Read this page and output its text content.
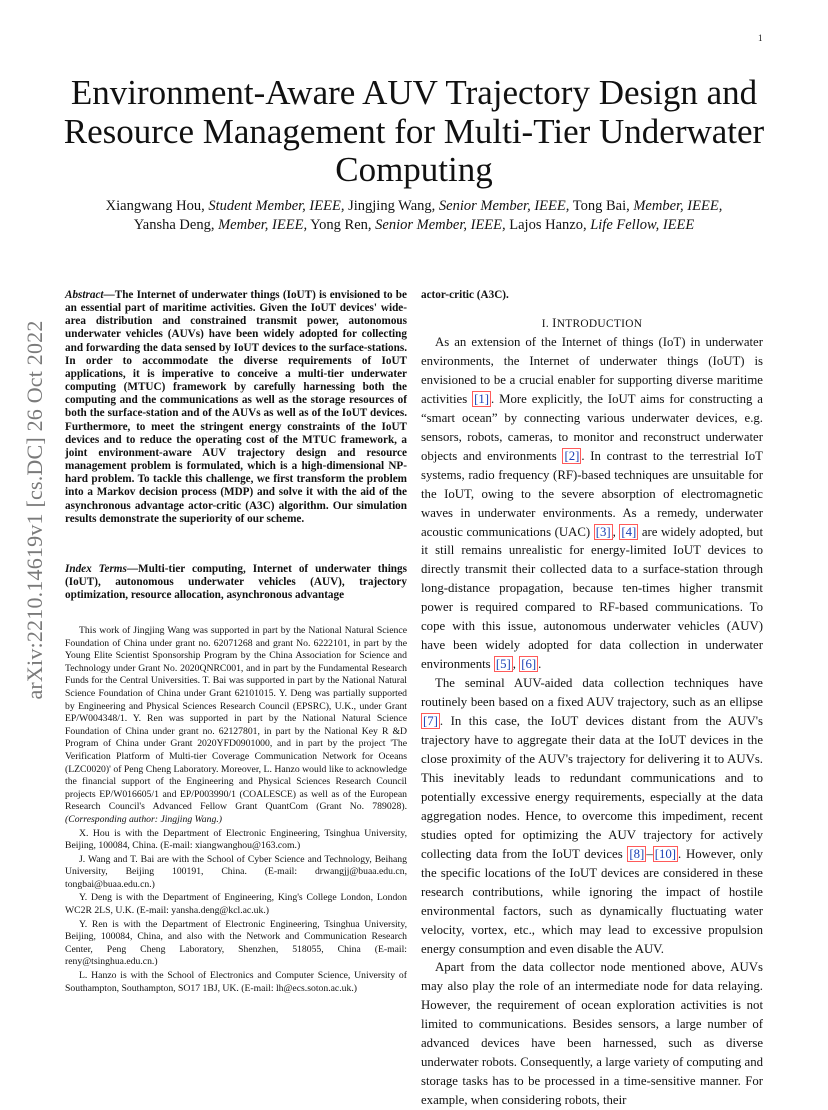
1
arXiv:2210.14619v1 [cs.DC] 26 Oct 2022
Environment-Aware AUV Trajectory Design and Resource Management for Multi-Tier Underwater Computing
Xiangwang Hou, Student Member, IEEE, Jingjing Wang, Senior Member, IEEE, Tong Bai, Member, IEEE,
Yansha Deng, Member, IEEE, Yong Ren, Senior Member, IEEE, Lajos Hanzo, Life Fellow, IEEE
Abstract—The Internet of underwater things (IoUT) is envisioned to be an essential part of maritime activities. Given the IoUT devices' wide-area distribution and constrained transmit power, autonomous underwater vehicles (AUVs) have been widely adopted for collecting and forwarding the data sensed by IoUT devices to the surface-stations. In order to accommodate the diverse requirements of IoUT applications, it is imperative to conceive a multi-tier underwater computing (MTUC) framework by carefully harnessing both the computing and the communications as well as the storage resources of both the surface-station and of the AUVs as well as of the IoUT devices. Furthermore, to meet the stringent energy constraints of the IoUT devices and to reduce the operating cost of the MTUC framework, a joint environment-aware AUV trajectory design and resource management problem is formulated, which is a high-dimensional NP-hard problem. To tackle this challenge, we first transform the problem into a Markov decision process (MDP) and solve it with the aid of the asynchronous advantage actor-critic (A3C) algorithm. Our simulation results demonstrate the superiority of our scheme.
Index Terms—Multi-tier computing, Internet of underwater things (IoUT), autonomous underwater vehicles (AUV), trajectory optimization, resource allocation, asynchronous advantage

This work of Jingjing Wang was supported in part by the National Natural Science Foundation of China under grant no. 62071268 and grant No. 6222101, in part by the Young Elite Scientist Sponsorship Program by the China Association for Science and Technology under Grant No. 2020QNRC001, and in part by the Fundamental Research Funds for the Central Universities. T. Bai was supported in part by the National Natural Science Foundation of China under Grant 62101015. Y. Deng was partially supported by Engineering and Physical Sciences Research Council (EPSRC), U.K., under Grant EP/W004348/1. Y. Ren was supported in part by the National Natural Science Foundation of China under grant no. 62127801, in part by the National Key R &D Program of China under Grant 2020YFD0901000, and in part by the project 'The Verification Platform of Multi-tier Coverage Communication Network for Oceans (LZC0020)' of Peng Cheng Laboratory. Moreover, L. Hanzo would like to acknowledge the financial support of the Engineering and Physical Sciences Research Council projects EP/W016605/1 and EP/P003990/1 (COALESCE) as well as of the European Research Council's Advanced Fellow Grant QuantCom (Grant No. 789028). (Corresponding author: Jingjing Wang.)

X. Hou is with the Department of Electronic Engineering, Tsinghua University, Beijing, 100084, China. (E-mail: xiangwanghou@163.com.)

J. Wang and T. Bai are with the School of Cyber Science and Technology, Beihang University, Beijing 100191, China. (E-mail: drwangjj@buaa.edu.cn, tongbai@buaa.edu.cn.)

Y. Deng is with the Department of Engineering, King's College London, London WC2R 2LS, U.K. (E-mail: yansha.deng@kcl.ac.uk.)

Y. Ren is with the Department of Electronic Engineering, Tsinghua University, Beijing, 100084, China, and also with the Network and Communication Research Center, Peng Cheng Laboratory, Shenzhen, 518055, China (E-mail: reny@tsinghua.edu.cn.)

L. Hanzo is with the School of Electronics and Computer Science, University of Southampton, Southampton, SO17 1BJ, UK. (E-mail: lh@ecs.soton.ac.uk.)

actor-critic (A3C).
I. INTRODUCTION

As an extension of the Internet of things (IoT) in underwater environments, the Internet of underwater things (IoUT) is envisioned to be a crucial enabler for supporting diverse maritime activities [1] . More explicitly, the IoUT aims for constructing a “smart ocean” by connecting various underwater devices, e.g. sensors, robots, cameras, to monitor and reconstruct underwater objects and environments [2] . In contrast to the terrestrial IoT systems, radio frequency (RF)-based techniques are unsuitable for the IoUT, owing to the severe absorption of electromagnetic waves in underwater environments. As a remedy, underwater acoustic communications (UAC) [3] , [4] are widely adopted, but it still remains unrealistic for energy-limited IoUT devices to directly transmit their collected data to a surface-station through long-distance propagation, because ten-times higher transmit power is required compared to RF-based communications. To cope with this issue, autonomous underwater vehicles (AUV) have been widely adopted for data collection in underwater environments [5] , [6] .

The seminal AUV-aided data collection techniques have routinely been based on a fixed AUV trajectory, such as an ellipse [7] . In this case, the IoUT devices distant from the AUV's trajectory have to aggregate their data at the IoUT devices in the close proximity of the AUV's trajectory for delivering it to AUVs. This inevitably leads to redundant communications and to potentially excessive energy requirements, especially at the data aggregation nodes. Hence, to overcome this impediment, recent studies opted for optimizing the AUV trajectory for actively collecting data from the IoUT devices [8] – [10] . However, only the specific locations of the IoUT devices are considered in these research contributions, while ignoring the impact of hostile environmental factors, such as dynamically fluctuating water velocity, vortex, etc., which may lead to excessive propulsion energy consumption and even disable the AUV.

Apart from the data collector node mentioned above, AUVs may also play the role of an intermediate node for data relaying. However, the requirement of ocean exploration activities is not limited to communications. Besides sensors, a large number of advanced devices have been harnessed, such as diverse underwater robots. Consequently, a large variety of computing and storage tasks has to be processed in a time-sensitive manner. For example, when considering robots, their
